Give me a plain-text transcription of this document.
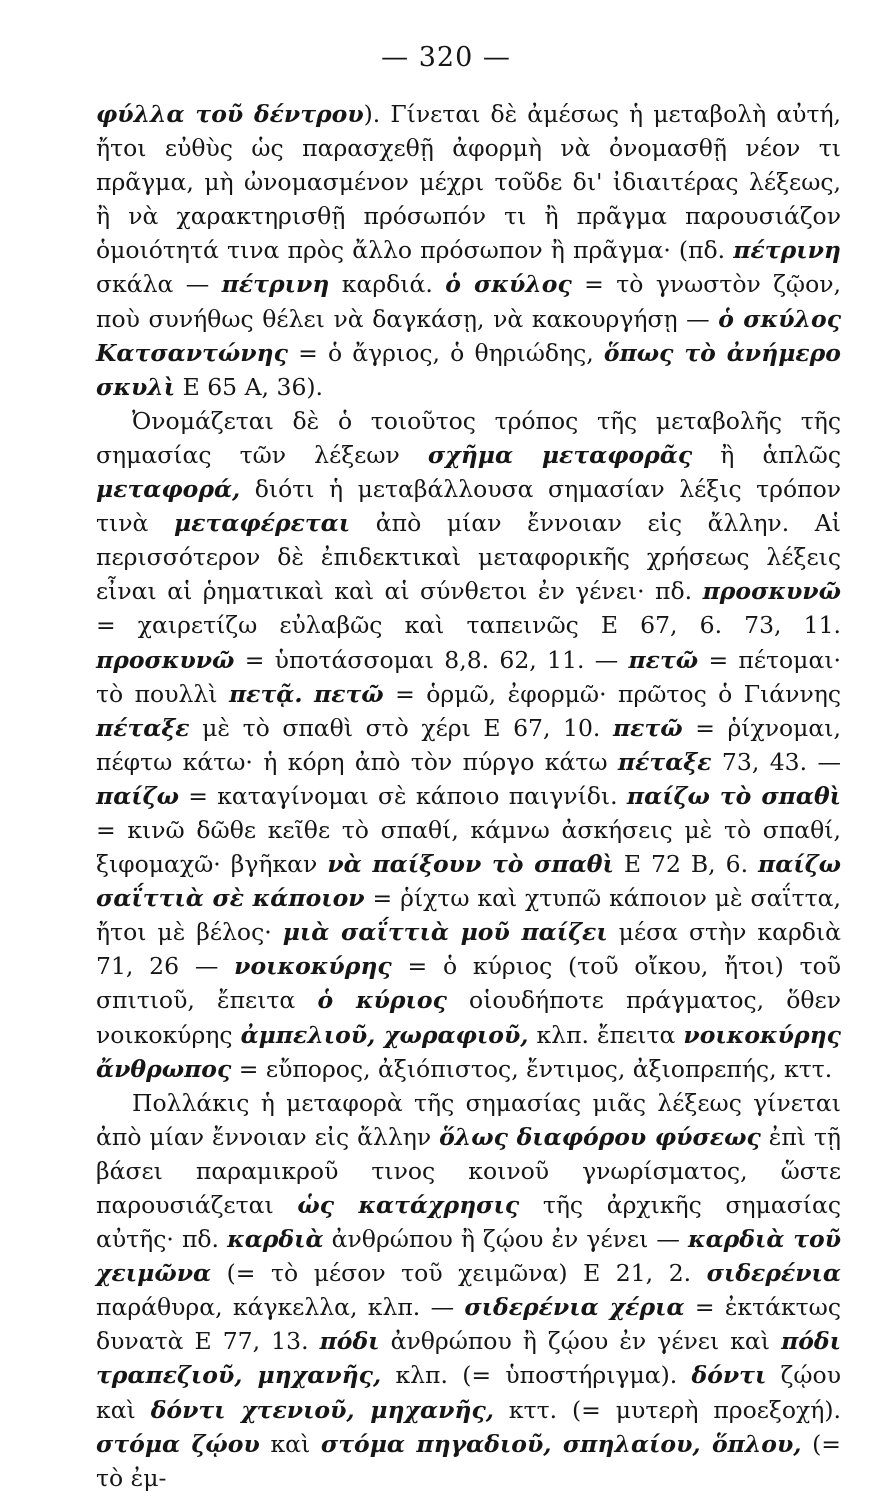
— 320 —

φύλλα τοῦ δέντρου). Γίνεται δὲ ἀμέσως ἡ μεταβολὴ αὐτή, ἤτοι εὐθὺς ὡς παρασχεθῇ ἀφορμὴ νὰ ὀνομασθῇ νέον τι πρᾶγμα, μὴ ὠνομασμένον μέχρι τοῦδε δι' ἰδιαιτέρας λέξεως, ἢ νὰ χαρακτηρισθῇ πρόσωπόν τι ἢ πρᾶγμα παρουσιάζον ὁμοιότητά τινα πρὸς ἄλλο πρόσωπον ἢ πρᾶγμα· (πδ. πέτρινη σκάλα — πέτρινη καρδιά. ὁ σκύλος = τὸ γνωστὸν ζῷον, ποὺ συνήθως θέλει νὰ δαγκάσῃ, νὰ κακουργήσῃ — ὁ σκύλος Κατσαντώνης = ὁ ἄγριος, ὁ θηριώδης, ὅπως τὸ ἀνήμερο σκυλὶ Ε 65 Α, 36).

Ὀνομάζεται δὲ ὁ τοιοῦτος τρόπος τῆς μεταβολῆς τῆς σημασίας τῶν λέξεων σχῆμα μεταφορᾶς ἢ ἁπλῶς μεταφορά, διότι ἡ μεταβάλλουσα σημασίαν λέξις τρόπον τινὰ μεταφέρεται ἀπὸ μίαν ἔννοιαν εἰς ἄλλην. Αἱ περισσότερον δὲ ἐπιδεκτικαὶ μεταφορικῆς χρήσεως λέξεις εἶναι αἱ ῥηματικαὶ καὶ αἱ σύνθετοι ἐν γένει· πδ. προσκυνῶ = χαιρετίζω εὐλαβῶς καὶ ταπεινῶς Ε 67, 6. 73, 11. προσκυνῶ = ὑποτάσσομαι 8,8. 62, 11. — πετῶ = πέτομαι· τὸ πουλλὶ πετᾷ. πετῶ = ὁρμῶ, ἐφορμῶ· πρῶτος ὁ Γιάννης πέταξε μὲ τὸ σπαθὶ στὸ χέρι Ε 67, 10. πετῶ = ῥίχνομαι, πέφτω κάτω· ἡ κόρη ἀπὸ τὸν πύργο κάτω πέταξε 73, 43. — παίζω = καταγίνομαι σὲ κάποιο παιγνίδι. παίζω τὸ σπαθὶ = κινῶ δῶθε κεῖθε τὸ σπαθί, κάμνω ἀσκήσεις μὲ τὸ σπαθί, ξιφομαχῶ· βγῆκαν νὰ παίξουν τὸ σπαθὶ Ε 72 Β, 6. παίζω σαΐττιὰ σὲ κάποιον = ῥίχτω καὶ χτυπῶ κάποιον μὲ σαΐττα, ἤτοι μὲ βέλος· μιὰ σαΐττιὰ μοῦ παίζει μέσα στὴν καρδιὰ 71, 26 — νοικοκύρης = ὁ κύριος (τοῦ οἴκου, ἤτοι) τοῦ σπιτιοῦ, ἔπειτα ὁ κύριος οἱουδήποτε πράγματος, ὅθεν νοικοκύρης ἀμπελιοῦ, χωραφιοῦ, κλπ. ἔπειτα νοικοκύρης ἄνθρωπος = εὔπορος, ἀξιόπιστος, ἔντιμος, ἀξιοπρεπής, κττ.

Πολλάκις ἡ μεταφορὰ τῆς σημασίας μιᾶς λέξεως γίνεται ἀπὸ μίαν ἔννοιαν εἰς ἄλλην ὅλως διαφόρου φύσεως ἐπὶ τῇ βάσει παραμικροῦ τινος κοινοῦ γνωρίσματος, ὥστε παρουσιάζεται ὡς κατάχρησις τῆς ἀρχικῆς σημασίας αὐτῆς· πδ. καρδιὰ ἀνθρώπου ἢ ζῴου ἐν γένει — καρδιὰ τοῦ χειμῶνα (= τὸ μέσον τοῦ χειμῶνα) Ε 21, 2. σιδερένια παράθυρα, κάγκελλα, κλπ. — σιδερένια χέρια = ἐκτάκτως δυνατὰ Ε 77, 13. πόδι ἀνθρώπου ἢ ζῴου ἐν γένει καὶ πόδι τραπεζιοῦ, μηχανῆς, κλπ. (= ὑποστήριγμα). δόντι ζῴου καὶ δόντι χτενιοῦ, μηχανῆς, κττ. (= μυτερὴ προεξοχή). στόμα ζῴου καὶ στόμα πηγαδιοῦ, σπηλαίου, ὅπλου, (= τὸ ἐμ-
